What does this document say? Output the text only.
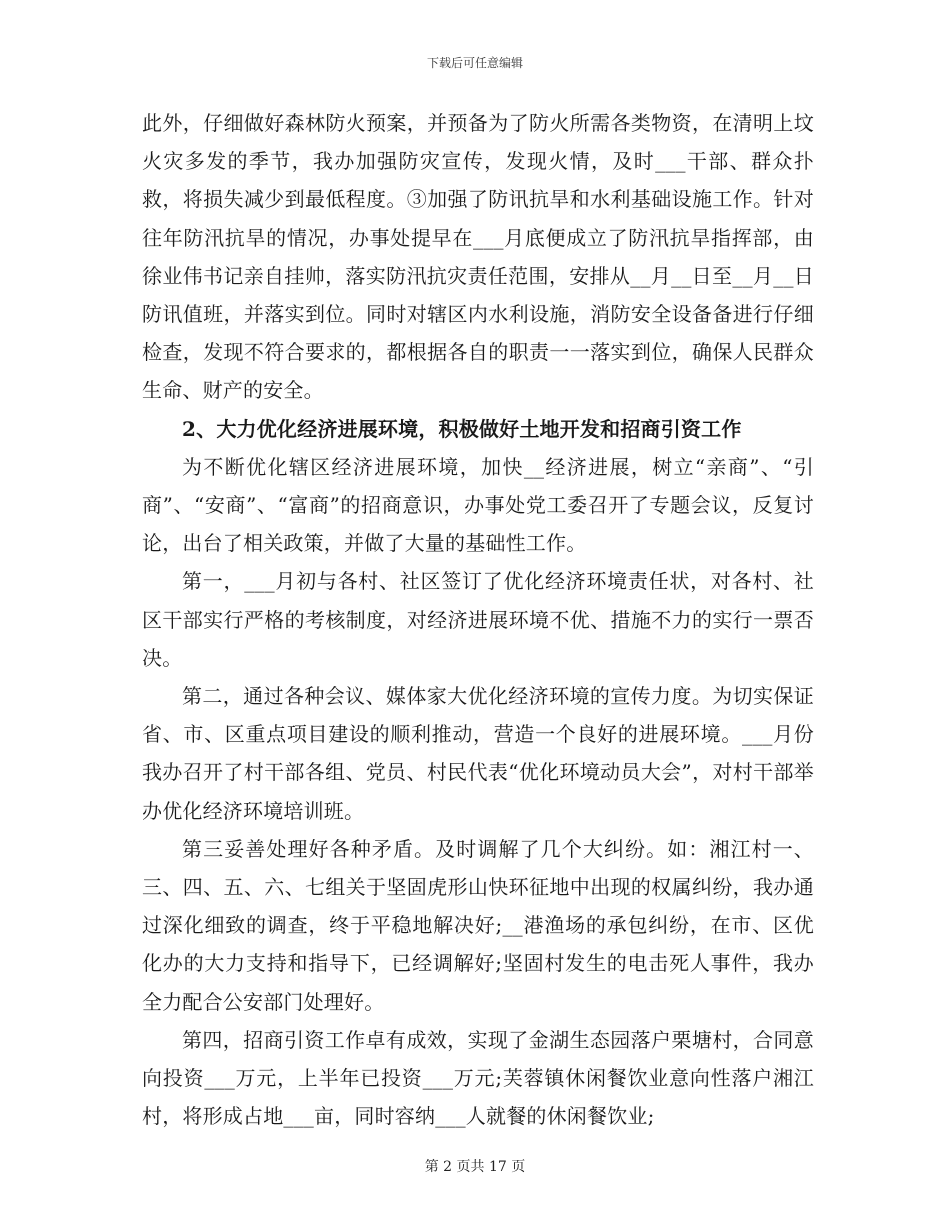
下载后可任意编辑

此外，仔细做好森林防火预案，并预备为了防火所需各类物资，在清明上坟火灾多发的季节，我办加强防灾宣传，发现火情，及时___干部、群众扑救，将损失减少到最低程度。③加强了防讯抗旱和水利基础设施工作。针对往年防汛抗旱的情况，办事处提早在___月底便成立了防汛抗旱指挥部，由徐业伟书记亲自挂帅，落实防汛抗灾责任范围，安排从__月__日至__月__日防讯值班，并落实到位。同时对辖区内水利设施，消防安全设备备进行仔细检查，发现不符合要求的，都根据各自的职责一一落实到位，确保人民群众生命、财产的安全。

2、大力优化经济进展环境，积极做好土地开发和招商引资工作

为不断优化辖区经济进展环境，加快__经济进展，树立“亲商”、“引商”、“安商”、“富商”的招商意识，办事处党工委召开了专题会议，反复讨论，出台了相关政策，并做了大量的基础性工作。

第一，___月初与各村、社区签订了优化经济环境责任状，对各村、社区干部实行严格的考核制度，对经济进展环境不优、措施不力的实行一票否决。

第二，通过各种会议、媒体家大优化经济环境的宣传力度。为切实保证省、市、区重点项目建设的顺利推动，营造一个良好的进展环境。___月份我办召开了村干部各组、党员、村民代表“优化环境动员大会”，对村干部举办优化经济环境培训班。

第三妥善处理好各种矛盾。及时调解了几个大纠纷。如：湘江村一、三、四、五、六、七组关于坚固虎形山快环征地中出现的权属纠纷，我办通过深化细致的调查，终于平稳地解决好;__港渔场的承包纠纷，在市、区优化办的大力支持和指导下，已经调解好;坚固村发生的电击死人事件，我办全力配合公安部门处理好。

第四，招商引资工作卓有成效，实现了金湖生态园落户栗塘村，合同意向投资___万元，上半年已投资___万元;芙蓉镇休闲餐饮业意向性落户湘江村，将形成占地___亩，同时容纳___人就餐的休闲餐饮业;

第 2 页共 17 页
